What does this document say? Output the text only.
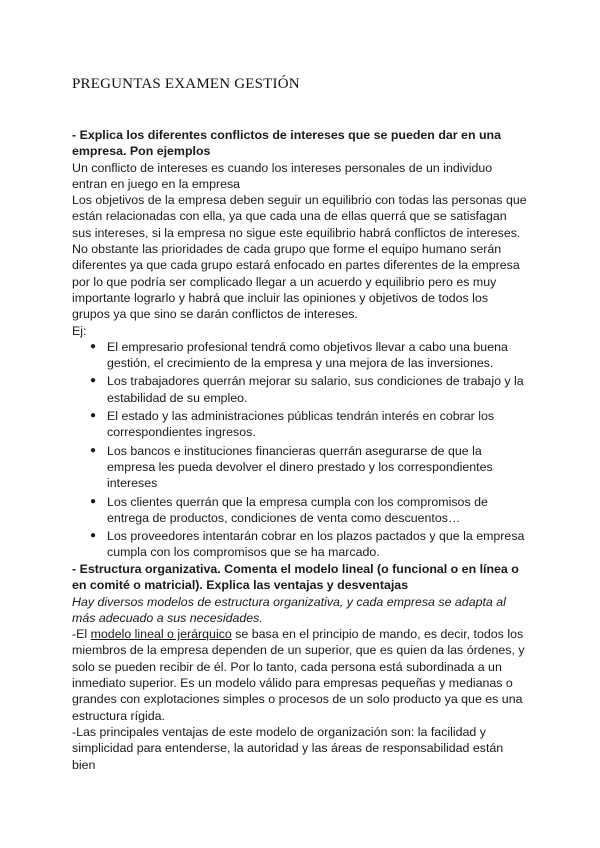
PREGUNTAS EXAMEN GESTIÓN

- Explica los diferentes conflictos de intereses que se pueden dar en una empresa. Pon ejemplos

Un conflicto de intereses es cuando los intereses personales de un individuo entran en juego en la empresa

Los objetivos de la empresa deben seguir un equilibrio con todas las personas que están relacionadas con ella, ya que cada una de ellas querrá que se satisfagan sus intereses, si la empresa no sigue este equilibrio habrá conflictos de intereses.

No obstante las prioridades de cada grupo que forme el equipo humano serán diferentes ya que cada grupo estará enfocado en partes diferentes de la empresa por lo que podría ser complicado llegar a un acuerdo y equilibrio pero es muy importante lograrlo y habrá que incluir las opiniones y objetivos de todos los grupos ya que sino se darán conflictos de intereses.

Ej:

● El empresario profesional tendrá como objetivos llevar a cabo una buena gestión, el crecimiento de la empresa y una mejora de las inversiones.
● Los trabajadores querrán mejorar su salario, sus condiciones de trabajo y la estabilidad de su empleo.
● El estado y las administraciones públicas tendrán interés en cobrar los correspondientes ingresos.
● Los bancos e instituciones financieras querrán asegurarse de que la empresa les pueda devolver el dinero prestado y los correspondientes intereses
● Los clientes querrán que la empresa cumpla con los compromisos de entrega de productos, condiciones de venta como descuentos…
● Los proveedores intentarán cobrar en los plazos pactados y que la empresa cumpla con los compromisos que se ha marcado.

- Estructura organizativa. Comenta el modelo lineal (o funcional o en línea o en comité o matricial). Explica las ventajas y desventajas

Hay diversos modelos de estructura organizativa, y cada empresa se adapta al más adecuado a sus necesidades.

-El modelo lineal o jerárquico se basa en el principio de mando, es decir, todos los miembros de la empresa dependen de un superior, que es quien da las órdenes, y solo se pueden recibir de él. Por lo tanto, cada persona está subordinada a un inmediato superior. Es un modelo válido para empresas pequeñas y medianas o grandes con explotaciones simples o procesos de un solo producto ya que es una estructura rígida.

-Las principales ventajas de este modelo de organización son: la facilidad y simplicidad para entenderse, la autoridad y las áreas de responsabilidad están bien
